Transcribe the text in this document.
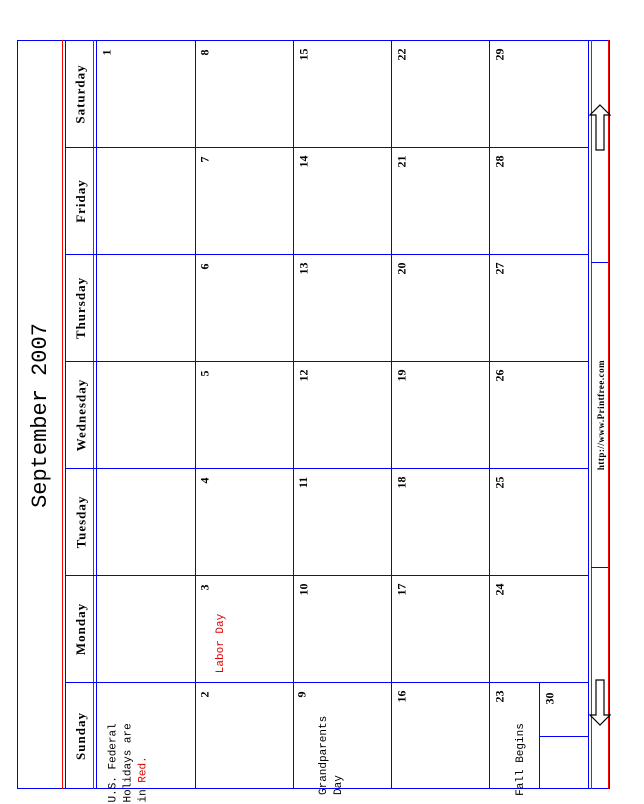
September 2007
Sunday
Monday
Tuesday
Wednesday
Thursday
Friday
Saturday
1
2
3
4
5
6
7
8
9
10
11
12
13
14
15
16
17
18
19
20
21
22
23
24
25
26
27
28
29
30
U.S. Federal Holidays are in Red.
Labor Day
Grandparents Day	Fall Begins
http://www.Printfree.com
